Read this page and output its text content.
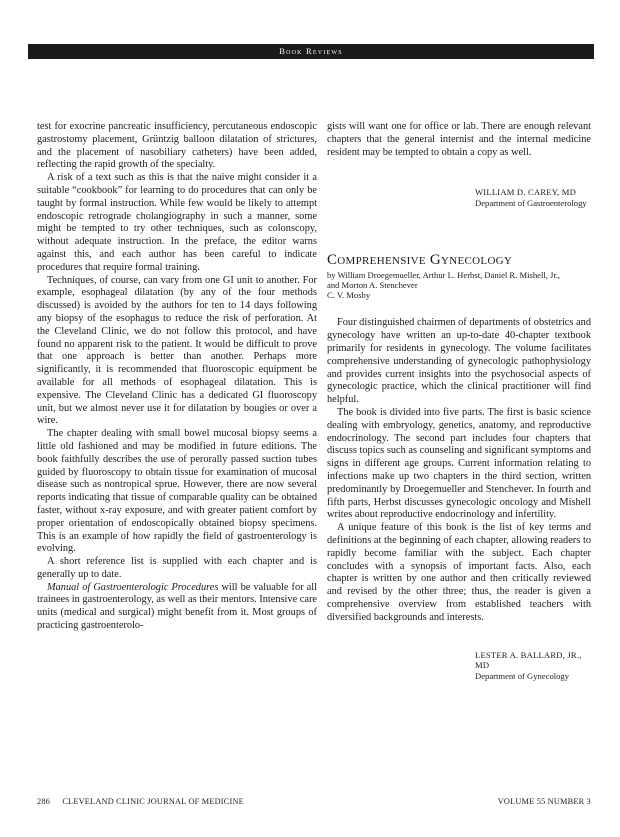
Book Reviews

test for exocrine pancreatic insufficiency, percutaneous endoscopic gastrostomy placement, Grüntzig balloon dilatation of strictures, and the placement of nasobiliary catheters) have been added, reflecting the rapid growth of the specialty.

A risk of a text such as this is that the naive might consider it a suitable “cookbook” for learning to do procedures that can only be taught by formal instruction. While few would be likely to attempt endoscopic retrograde cholangiography in such a manner, some might be tempted to try other techniques, such as colonscopy, without adequate instruction. In the preface, the editor warns against this, and each author has been careful to indicate procedures that require formal training.

Techniques, of course, can vary from one GI unit to another. For example, esophageal dilatation (by any of the four methods discussed) is avoided by the authors for ten to 14 days following any biopsy of the esophagus to reduce the risk of perforation. At the Cleveland Clinic, we do not follow this protocol, and have found no apparent risk to the patient. It would be difficult to prove that one approach is better than another. Perhaps more significantly, it is recommended that fluoroscopic equipment be available for all methods of esophageal dilatation. This is expensive. The Cleveland Clinic has a dedicated GI fluoroscopy unit, but we almost never use it for dilatation by bougies or over a wire.

The chapter dealing with small bowel mucosal biopsy seems a little old fashioned and may be modified in future editions. The book faithfully describes the use of perorally passed suction tubes guided by fluoroscopy to obtain tissue for examination of mucosal disease such as nontropical sprue. However, there are now several reports indicating that tissue of comparable quality can be obtained faster, without x-ray exposure, and with greater patient comfort by proper orientation of endoscopically obtained biopsy specimens. This is an example of how rapidly the field of gastroenterology is evolving.

A short reference list is supplied with each chapter and is generally up to date.

Manual of Gastroenterologic Procedures will be valuable for all trainees in gastroenterology, as well as their mentors. Intensive care units (medical and surgical) might benefit from it. Most groups of practicing gastroenterolo-

gists will want one for office or lab. There are enough relevant chapters that the general internist and the internal medicine resident may be tempted to obtain a copy as well.

WILLIAM D. CAREY, MD
Department of Gastroenterology
Comprehensive Gynecology
by William Droegemueller, Arthur L. Herbst, Daniel R. Mishell, Jr.,
and Morton A. Stenchever
C. V. Mosby

Four distinguished chairmen of departments of obstetrics and gynecology have written an up-to-date 40-chapter textbook primarily for residents in gynecology. The volume facilitates comprehensive understanding of gynecologic pathophysiology and provides current insights into the psychosocial aspects of gynecologic practice, which the clinical practitioner will find helpful.

The book is divided into five parts. The first is basic science dealing with embryology, genetics, anatomy, and reproductive endocrinology. The second part includes four chapters that discuss topics such as counseling and significant symptoms and signs in different age groups. Current information relating to infections make up two chapters in the third section, written predominantly by Droegemueller and Stenchever. In fourth and fifth parts, Herbst discusses gynecologic oncology and Mishell writes about reproductive endocrinology and infertility.

A unique feature of this book is the list of key terms and definitions at the beginning of each chapter, allowing readers to rapidly become familiar with the subject. Each chapter concludes with a synopsis of important facts. Also, each chapter is written by one author and then critically reviewed and revised by the other three; thus, the reader is given a comprehensive overview from established teachers with diversified backgrounds and interests.

LESTER A. BALLARD, JR., MD
Department of Gynecology
286 CLEVELAND CLINIC JOURNAL OF MEDICINE	VOLUME 55 NUMBER 3
